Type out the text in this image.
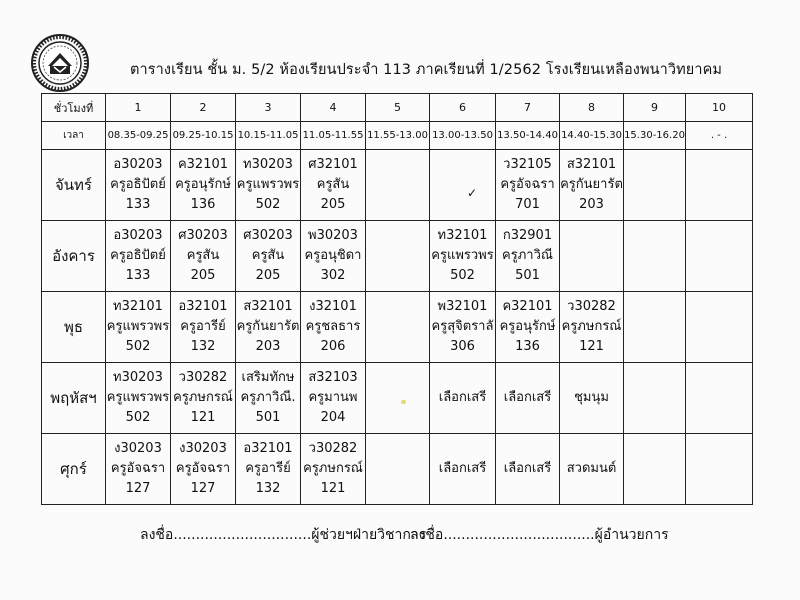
ตารางเรียน ชั้น ม. 5/2 ห้องเรียนประจำ 113 ภาคเรียนที่ 1/2562 โรงเรียนเหลืองพนาวิทยาคม
ชั่วโมงที่	1	2	3	4	5	6	7	8	9	10
เวลา	08.35-09.25	09.25-10.15	10.15-11.05	11.05-11.55	11.55-13.00	13.00-13.50	13.50-14.40	14.40-15.30	15.30-16.20	. - .
จันทร์	อ30203
ครูอธิปัตย์
133	ค32101
ครูอนุรักษ์
136	ท30203
ครูแพรวพร
502	ศ32101
ครูสัน
205			ว32105
ครูอัจฉรา
701	ส32101
ครูกันยารัต
203		

อังคาร	อ30203
ครูอธิปัตย์
133	ศ30203
ครูสัน
205	ศ30203
ครูสัน
205	พ30203
ครูอนุชิดา
302		ท32101
ครูแพรวพร
502	ก32901
ครูภาวิณี
501			

พุธ	ท32101
ครูแพรวพร
502	อ32101
ครูอารีย์
132	ส32101
ครูกันยารัต
203	ง32101
ครูชลธาร
206		พ32101
ครูสุจิตราลั
306	ค32101
ครูอนุรักษ์
136	ว30282
ครูภษกรณ์
121		

พฤหัสฯ	ท30203
ครูแพรวพร
502	ว30282
ครูภษกรณ์
121	เสริมทักษ
ครูภาวิณี.
501	ส32103
ครูมานพ
204		เลือกเสรี	เลือกเสรี	ชุมนุม		

ศุกร์	ง30203
ครูอัจฉรา
127	ง30203
ครูอัจฉรา
127	อ32101
ครูอารีย์
132	ว30282
ครูภษกรณ์
121		เลือกเสรี	เลือกเสรี	สวดมนต์		

✓
ลงชื่อ...............................ผู้ช่วยฯฝ่ายวิชาการ
ลงชื่อ..................................ผู้อำนวยการ
